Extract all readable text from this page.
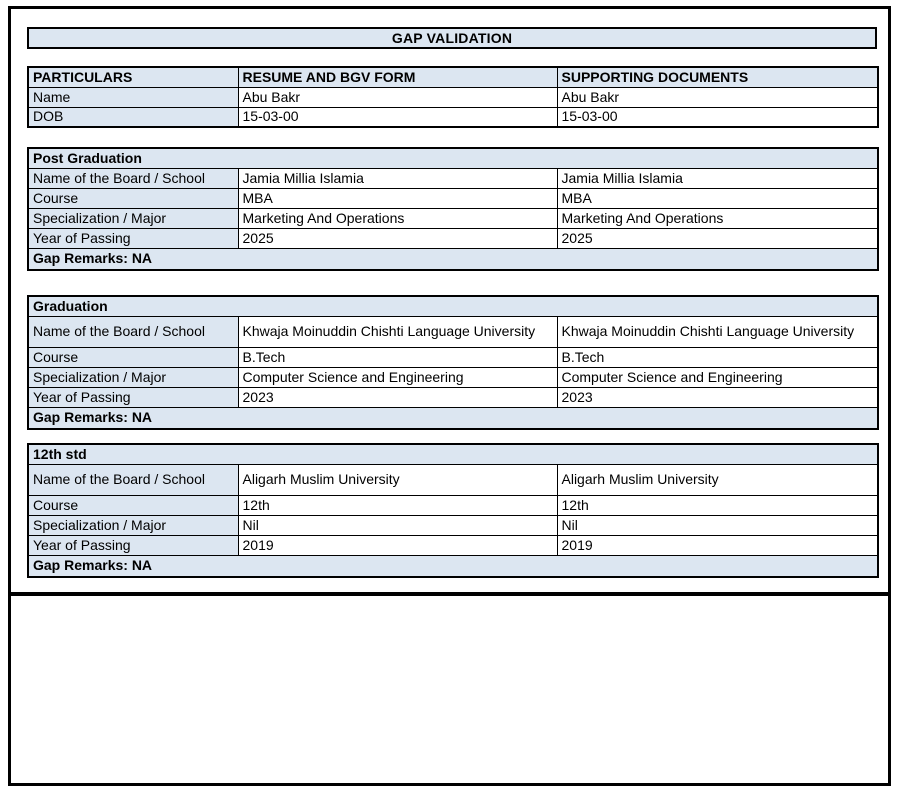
GAP VALIDATION
PARTICULARS	RESUME AND BGV FORM	SUPPORTING DOCUMENTS
Name	Abu Bakr	Abu Bakr
DOB	15-03-00	15-03-00
Post Graduation		
Name of the Board / School	Jamia Millia Islamia	Jamia Millia Islamia
Course	MBA	MBA
Specialization / Major	Marketing And Operations	Marketing And Operations
Year of Passing	2025	2025
Gap Remarks: NA		
Graduation		
Name of the Board / School	Khwaja Moinuddin Chishti Language University	Khwaja Moinuddin Chishti Language University
Course	B.Tech	B.Tech
Specialization / Major	Computer Science and Engineering	Computer Science and Engineering
Year of Passing	2023	2023
Gap Remarks: NA		
12th std		
Name of the Board / School	Aligarh Muslim University	Aligarh Muslim University
Course	12th	12th
Specialization / Major	Nil	Nil
Year of Passing	2019	2019
Gap Remarks: NA		
